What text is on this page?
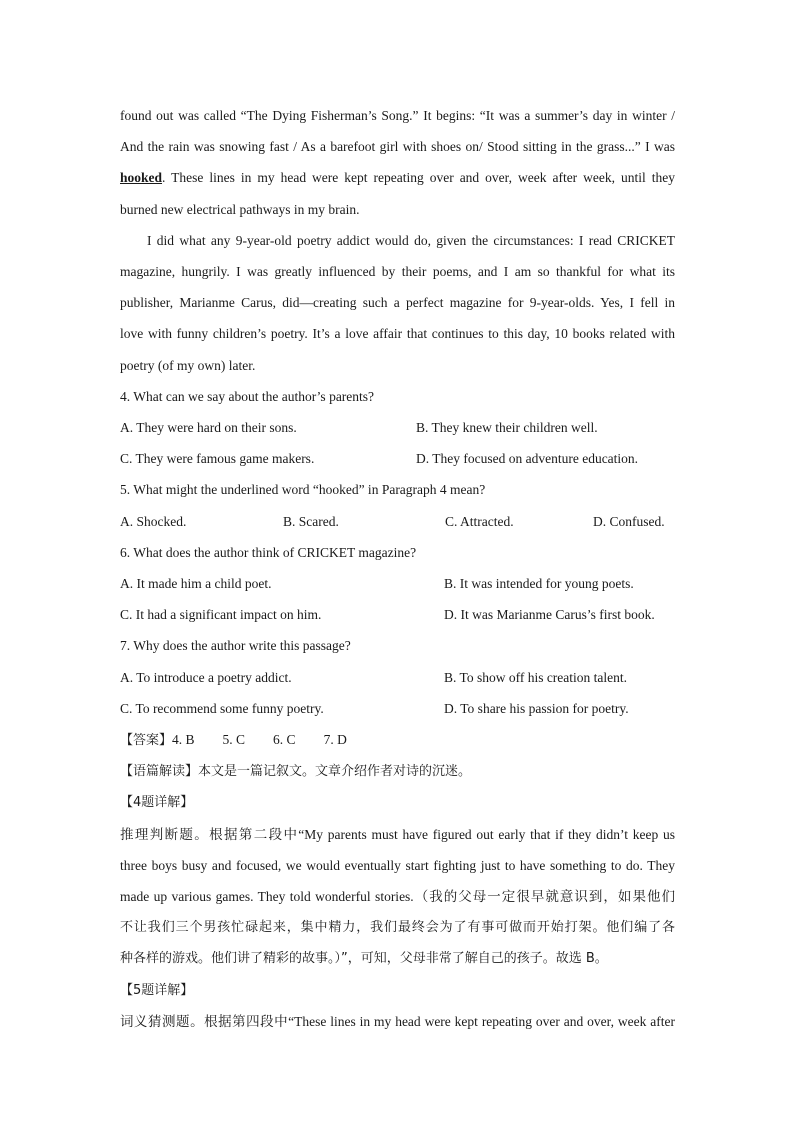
found out was called “The Dying Fisherman’s Song.” It begins: “It was a summer’s day in winter /
And the rain was snowing fast / As a barefoot girl with shoes on/ Stood sitting in the grass...” I was
hooked. These lines in my head were kept repeating over and over, week after week, until they
burned new electrical pathways in my brain.
I did what any 9-year-old poetry addict would do, given the circumstances: I read CRICKET
magazine, hungrily. I was greatly influenced by their poems, and I am so thankful for what its
publisher, Marianme Carus, did—creating such a perfect magazine for 9-year-olds. Yes, I fell in
love with funny children’s poetry. It’s a love affair that continues to this day, 10 books related with
poetry (of my own) later.
4. What can we say about the author’s parents?
A. They were hard on their sons.	B. They knew their children well.
C. They were famous game makers.	D. They focused on adventure education.
5. What might the underlined word “hooked” in Paragraph 4 mean?
A. Shocked.	B. Scared.	C. Attracted.	D. Confused.
6. What does the author think of CRICKET magazine?
A. It made him a child poet.	B. It was intended for young poets.
C. It had a significant impact on him.	D. It was Marianme Carus’s first book.
7. Why does the author write this passage?
A. To introduce a poetry addict.	B. To show off his creation talent.
C. To recommend some funny poetry.	D. To share his passion for poetry.
【答案】4. B 5. C 6. C 7. D
【语篇解读】本文是一篇记叙文。文章介绍作者对诗的沉迷。
【4题详解】
推理判断题。根据第二段中“My parents must have figured out early that if they didn’t keep us
three boys busy and focused, we would eventually start fighting just to have something to do. They
made up various games. They told wonderful stories.（我的父母一定很早就意识到，如果他们
不让我们三个男孩忙碌起来，集中精力，我们最终会为了有事可做而开始打架。他们编了各
种各样的游戏。他们讲了精彩的故事。）”，可知，父母非常了解自己的孩子。故选 B。
【5题详解】
词义猜测题。根据第四段中“These lines in my head were kept repeating over and over, week after
